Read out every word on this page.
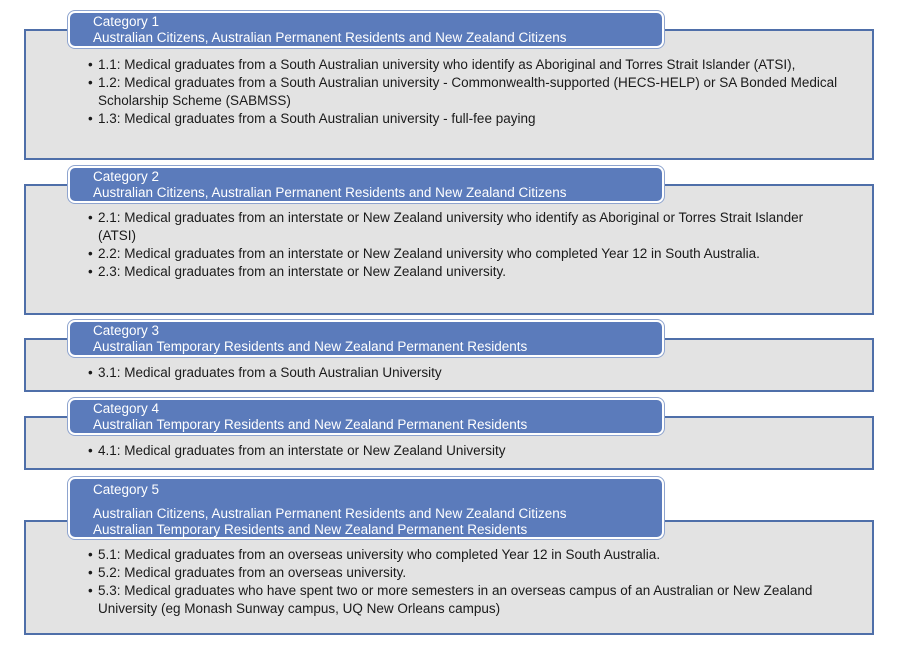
Category 1
Australian Citizens, Australian Permanent Residents and New Zealand Citizens
• 1.1: Medical graduates from a South Australian university who identify as Aboriginal and Torres Strait Islander (ATSI),
• 1.2: Medical graduates from a South Australian university - Commonwealth-supported (HECS-HELP) or SA Bonded Medical Scholarship Scheme (SABMSS)
• 1.3: Medical graduates from a South Australian university - full-fee paying
Category 2
Australian Citizens, Australian Permanent Residents and New Zealand Citizens
• 2.1: Medical graduates from an interstate or New Zealand university who identify as Aboriginal or Torres Strait Islander (ATSI)
• 2.2: Medical graduates from an interstate or New Zealand university who completed Year 12 in South Australia.
• 2.3: Medical graduates from an interstate or New Zealand university.
Category 3
Australian Temporary Residents and New Zealand Permanent Residents
• 3.1: Medical graduates from a South Australian University
Category 4
Australian Temporary Residents and New Zealand Permanent Residents
• 4.1: Medical graduates from an interstate or New Zealand University
Category 5
Australian Citizens, Australian Permanent Residents and New Zealand Citizens
Australian Temporary Residents and New Zealand Permanent Residents
• 5.1: Medical graduates from an overseas university who completed Year 12 in South Australia.
• 5.2: Medical graduates from an overseas university.
• 5.3: Medical graduates who have spent two or more semesters in an overseas campus of an Australian or New Zealand University (eg Monash Sunway campus, UQ New Orleans campus)
